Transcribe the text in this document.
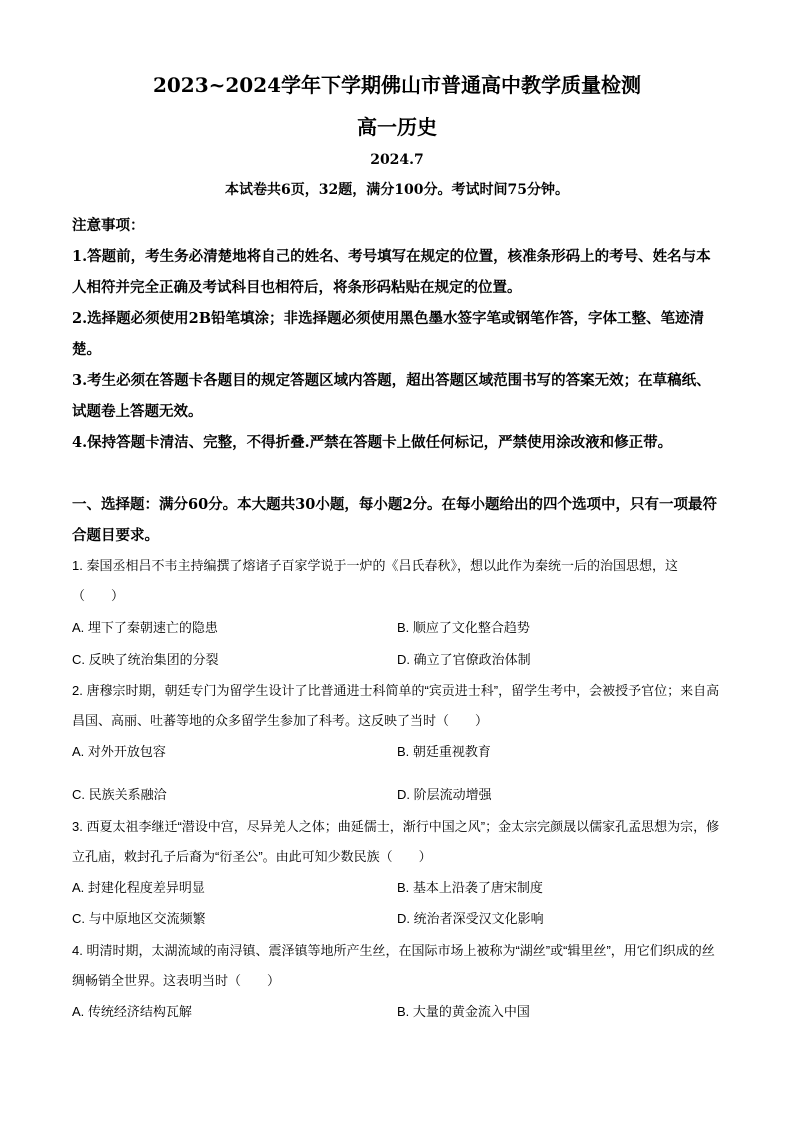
2023~2024学年下学期佛山市普通高中教学质量检测
高一历史
2024.7
本试卷共6页，32题，满分100分。考试时间75分钟。
注意事项：
1.答题前，考生务必清楚地将自己的姓名、考号填写在规定的位置，核准条形码上的考号、姓名与本人相符并完全正确及考试科目也相符后，将条形码粘贴在规定的位置。
2.选择题必须使用2B铅笔填涂；非选择题必须使用黑色墨水签字笔或钢笔作答，字体工整、笔迹清楚。
3.考生必须在答题卡各题目的规定答题区域内答题，超出答题区域范围书写的答案无效；在草稿纸、试题卷上答题无效。
4.保持答题卡清洁、完整，不得折叠.严禁在答题卡上做任何标记，严禁使用涂改液和修正带。
一、选择题：满分60分。本大题共30小题，每小题2分。在每小题给出的四个选项中，只有一项最符合题目要求。
1. 秦国丞相吕不韦主持编撰了熔诸子百家学说于一炉的《吕氏春秋》，想以此作为秦统一后的治国思想，这（　　）
A. 埋下了秦朝速亡的隐患	B. 顺应了文化整合趋势
C. 反映了统治集团的分裂	D. 确立了官僚政治体制
2. 唐穆宗时期，朝廷专门为留学生设计了比普通进士科简单的“宾贡进士科”，留学生考中，会被授予官位；来自高昌国、高丽、吐蕃等地的众多留学生参加了科考。这反映了当时（　　）
A. 对外开放包容	B. 朝廷重视教育
C. 民族关系融洽	D. 阶层流动增强
3. 西夏太祖李继迁“潜设中宫，尽异羌人之体；曲延儒士，渐行中国之风”；金太宗完颜晟以儒家孔孟思想为宗，修立孔庙，敕封孔子后裔为“衍圣公”。由此可知少数民族（　　）
A. 封建化程度差异明显	B. 基本上沿袭了唐宋制度
C. 与中原地区交流频繁	D. 统治者深受汉文化影响
4. 明清时期，太湖流域的南浔镇、震泽镇等地所产生丝，在国际市场上被称为“湖丝”或“辑里丝”，用它们织成的丝绸畅销全世界。这表明当时（　　）
A. 传统经济结构瓦解	B. 大量的黄金流入中国
